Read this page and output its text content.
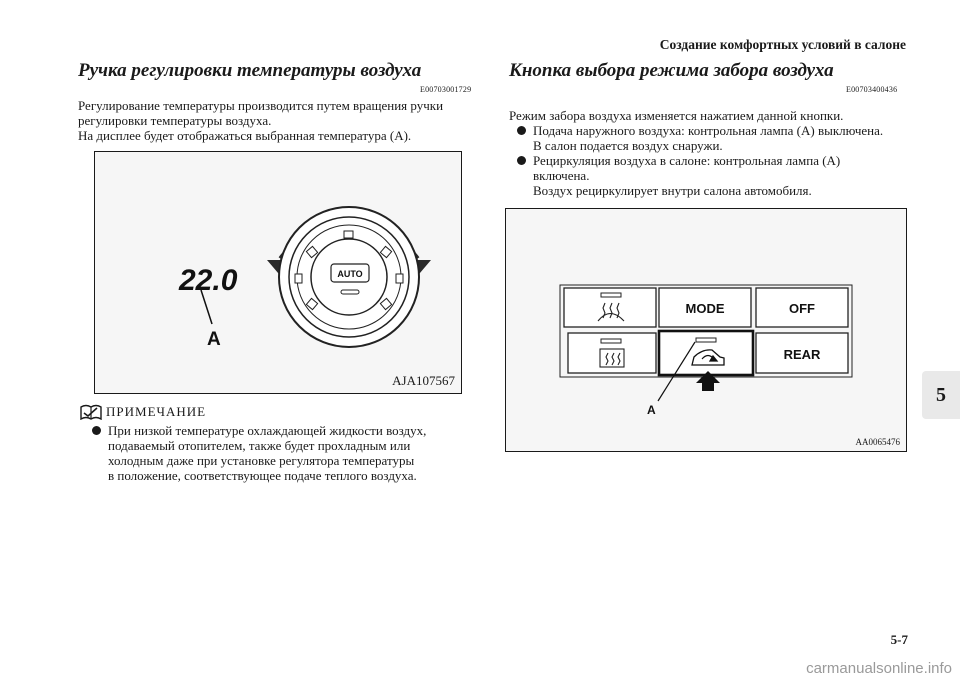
Создание комфортных условий в салоне
Ручка регулировки температуры воздуха
E00703001729
Регулирование температуры производится путем вращения ручки
регулировки температуры воздуха.
На дисплее будет отображаться выбранная температура (A).
22.0
A
AUTO
AJA107567
ПРИМЕЧАНИЕ
При низкой температуре охлаждающей жидкости воздух,
подаваемый отопителем, также будет прохладным или
холодным даже при установке регулятора температуры
в положение, соответствующее подаче теплого воздуха.
Кнопка выбора режима забора воздуха
E00703400436
Режим забора воздуха изменяется нажатием данной кнопки.
Подача наружного воздуха: контрольная лампа (A) выключена.
В салон подается воздух снаружи.
Рециркуляция воздуха в салоне: контрольная лампа (A)
включена.
Воздух рециркулирует внутри салона автомобиля.
MODE	OFF
REAR
A
AA0065476
5
5-7
carmanualsonline.info
